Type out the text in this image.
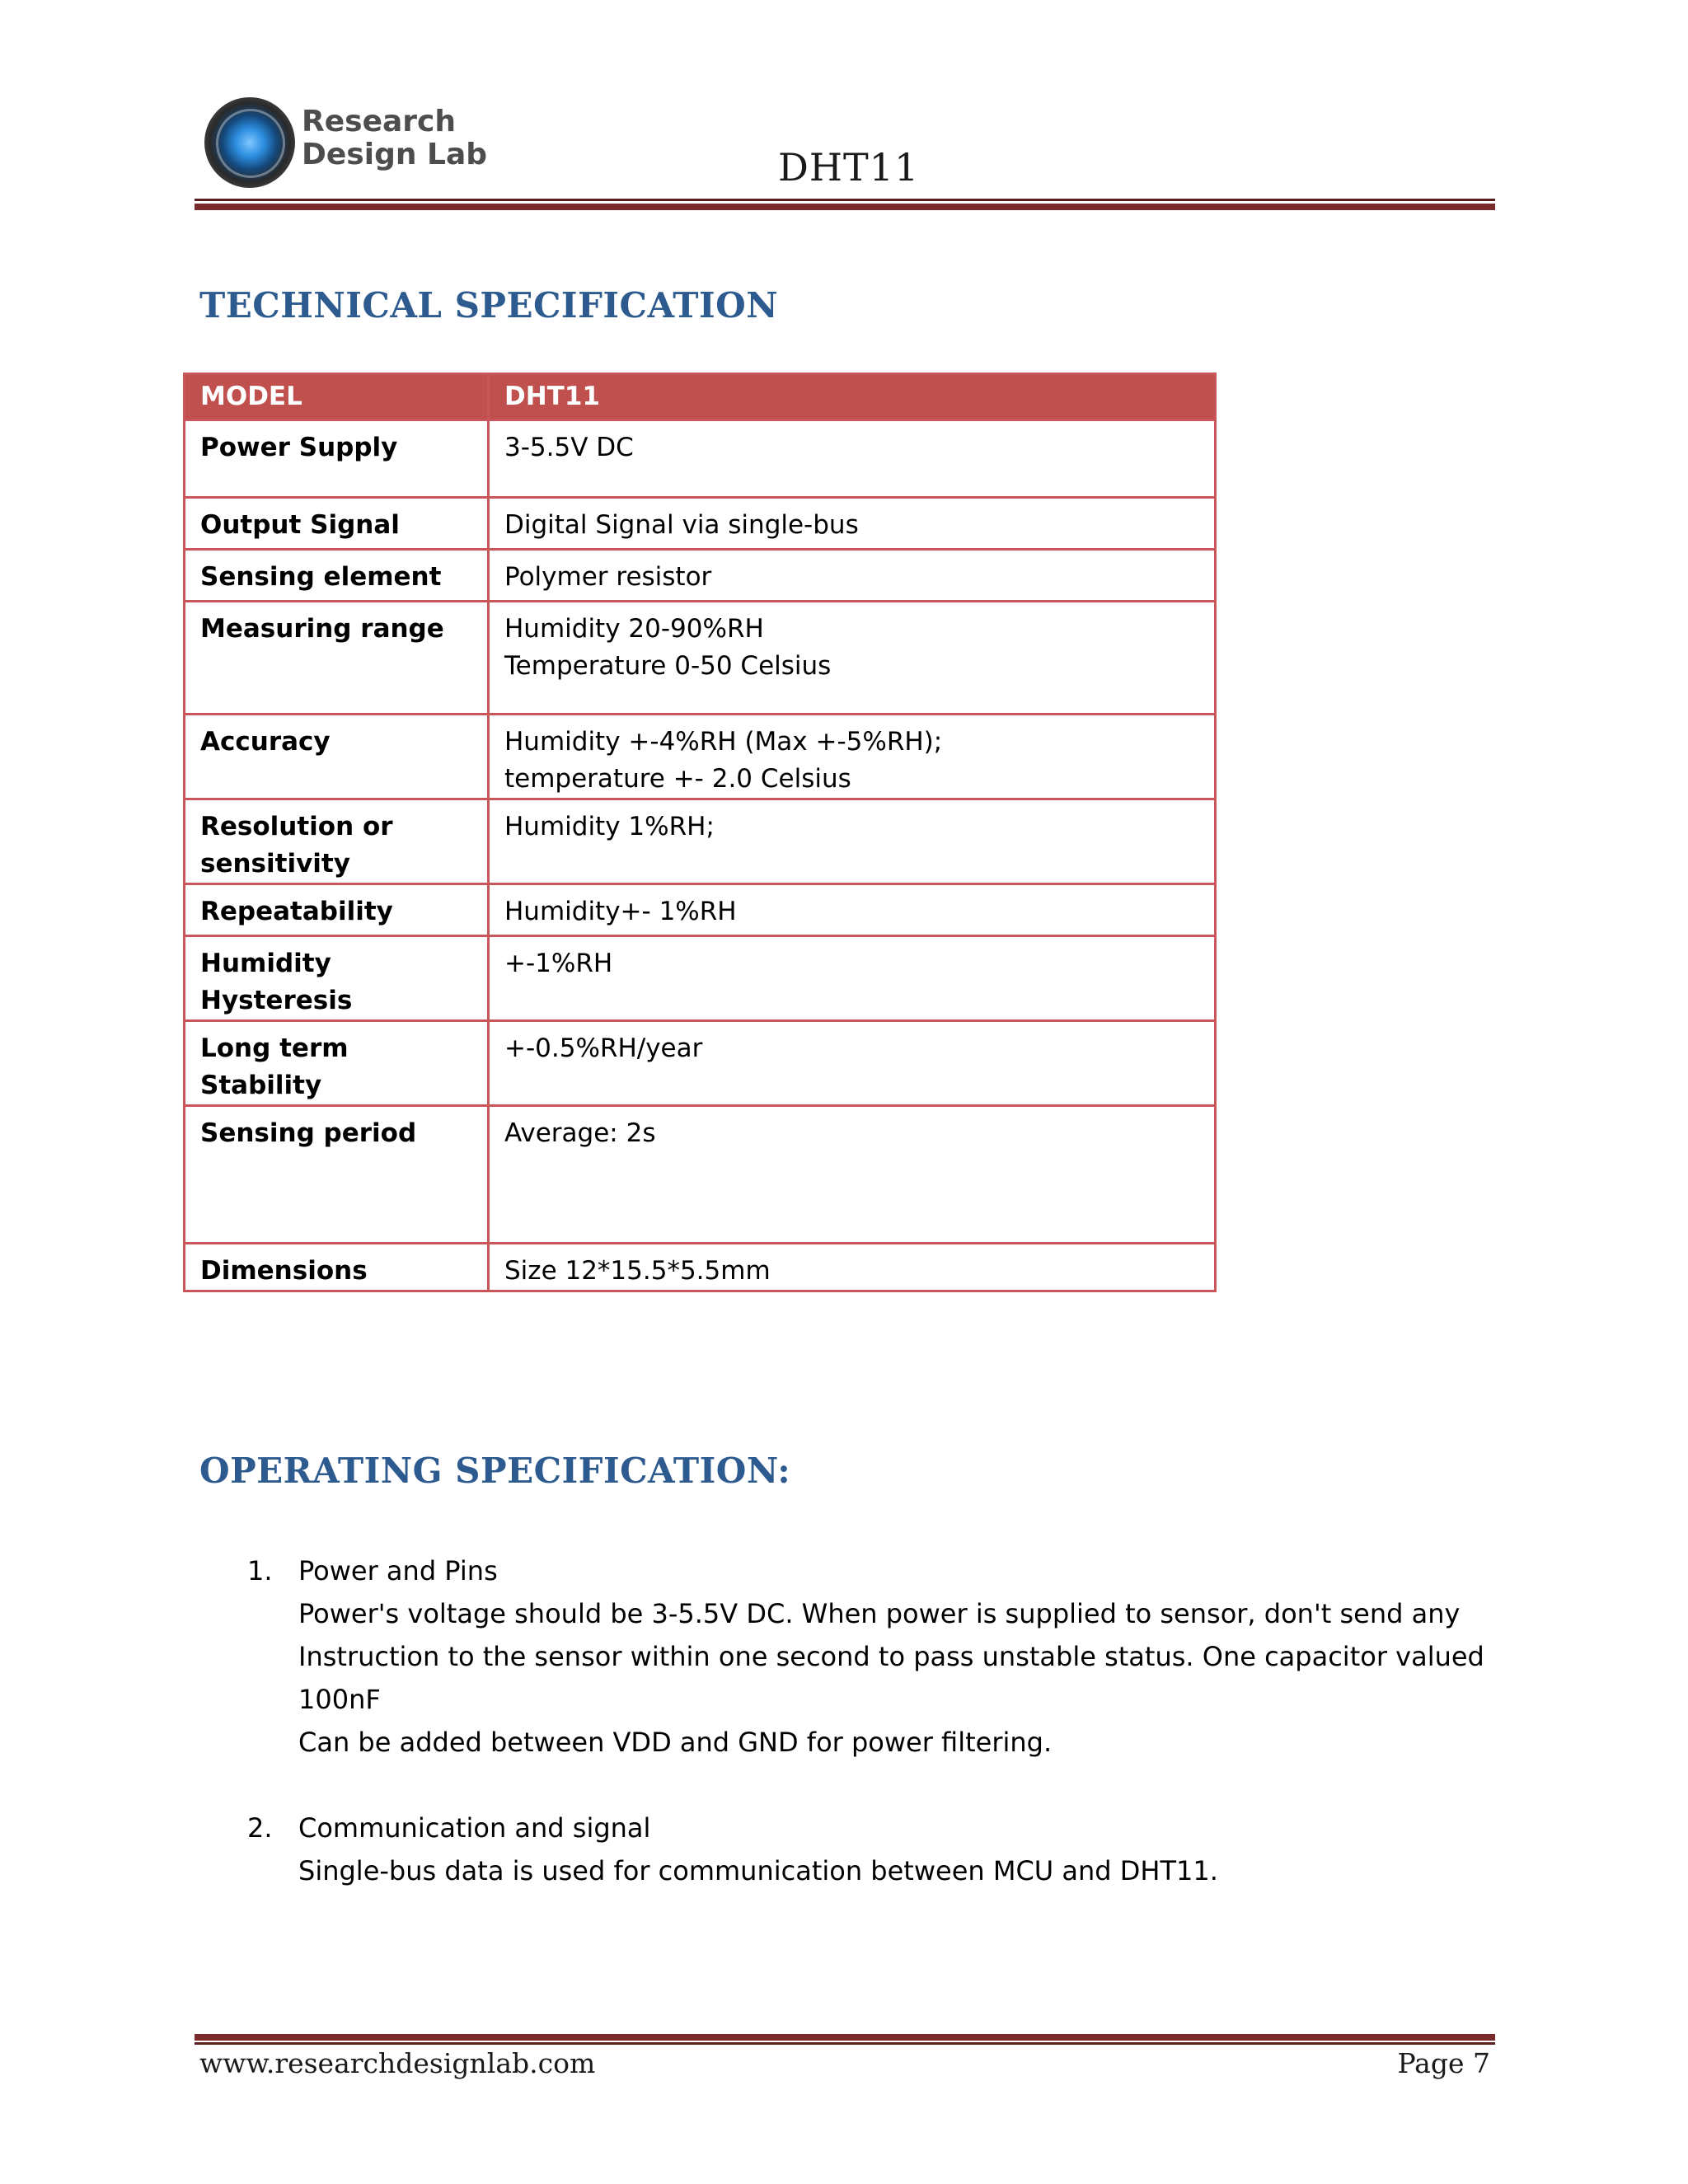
Research
Design Lab	DHT11
TECHNICAL SPECIFICATION
MODEL	DHT11
Power Supply	3-5.5V DC
Output Signal	Digital Signal via single-bus
Sensing element	Polymer resistor
Measuring range	Humidity 20-90%RH
Temperature 0-50 Celsius
Accuracy	Humidity +-4%RH (Max +-5%RH);
temperature +- 2.0 Celsius
Resolution or sensitivity	Humidity 1%RH;
Repeatability	Humidity+- 1%RH
Humidity Hysteresis	+-1%RH
Long term Stability	+-0.5%RH/year
Sensing period	Average: 2s
Dimensions	Size 12*15.5*5.5mm
OPERATING SPECIFICATION:
1. Power and Pins
Power's voltage should be 3-5.5V DC. When power is supplied to sensor, don't send any
Instruction to the sensor within one second to pass unstable status. One capacitor valued 100nF
Can be added between VDD and GND for power filtering.
2. Communication and signal
Single-bus data is used for communication between MCU and DHT11.
www.researchdesignlab.com	Page 7
